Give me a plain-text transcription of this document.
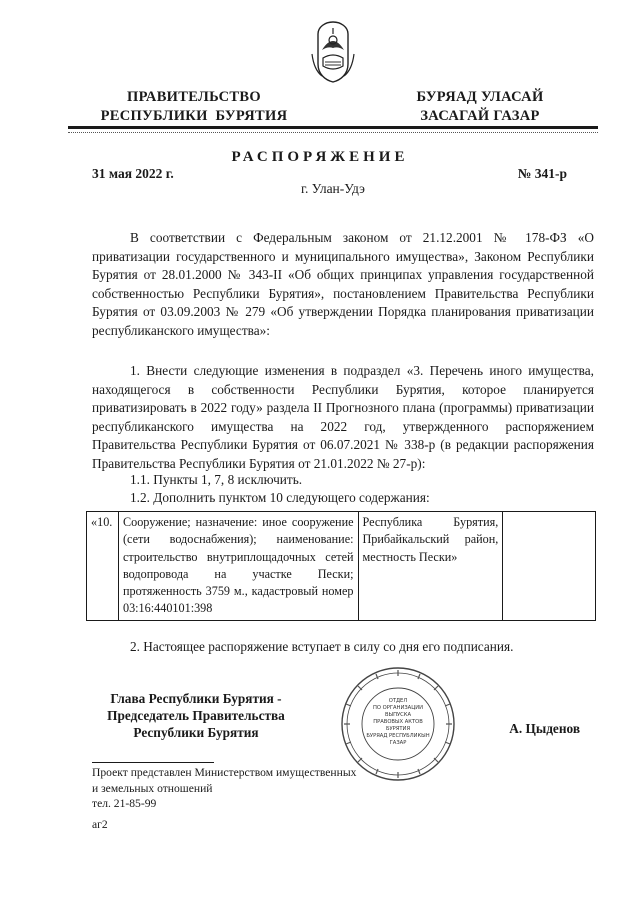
ПРАВИТЕЛЬСТВО
РЕСПУБЛИКИ  БУРЯТИЯ
БУРЯАД УЛАСАЙ
ЗАСАГАЙ ГАЗАР
РАСПОРЯЖЕНИЕ
31 мая 2022 г.	№ 341-р
г. Улан-Удэ
В соответствии с Федеральным законом от 21.12.2001 № 178-ФЗ «О приватизации государственного и муниципального имущества», Законом Республики Бурятия от 28.01.2000 № 343-II «Об общих принципах управления государственной собственностью Республики Бурятия», постановлением Правительства Республики Бурятия от 03.09.2003 № 279 «Об утверждении Порядка планирования приватизации республиканского имущества»:
1. Внести следующие изменения в подраздел «3. Перечень иного имущества, находящегося в собственности Республики Бурятия, которое планируется приватизировать в 2022 году» раздела II Прогнозного плана (программы) приватизации республиканского имущества на 2022 год, утвержденного распоряжением Правительства Республики Бурятия от 06.07.2021 № 338-р (в редакции распоряжения Правительства Республики Бурятия от 21.01.2022 № 27-р):
1.1. Пункты 1, 7, 8 исключить.
1.2. Дополнить пунктом 10 следующего содержания:
«10.	Сооружение; назначение: иное сооружение (сети водоснабжения); наименование: строительство внутриплощадочных сетей водопровода на участке Пески; протяженность 3759 м., кадастровый номер 03:16:440101:398	Республика Бурятия, Прибайкальский район, местность Пески»	
2. Настоящее распоряжение вступает в силу со дня его подписания.
Глава Республики Бурятия -
Председатель Правительства
Республики Бурятия
ОТДЕЛ
ПО ОРГАНИЗАЦИИ
ВЫПУСКА
ПРАВОВЫХ АКТОВ
БУРЯТИЯ
БУРЯАД РЕСПУБЛИКЫН
ГАЗАР
А. Цыденов
Проект представлен Министерством имущественных
и земельных отношений
тел. 21-85-99
аг2
